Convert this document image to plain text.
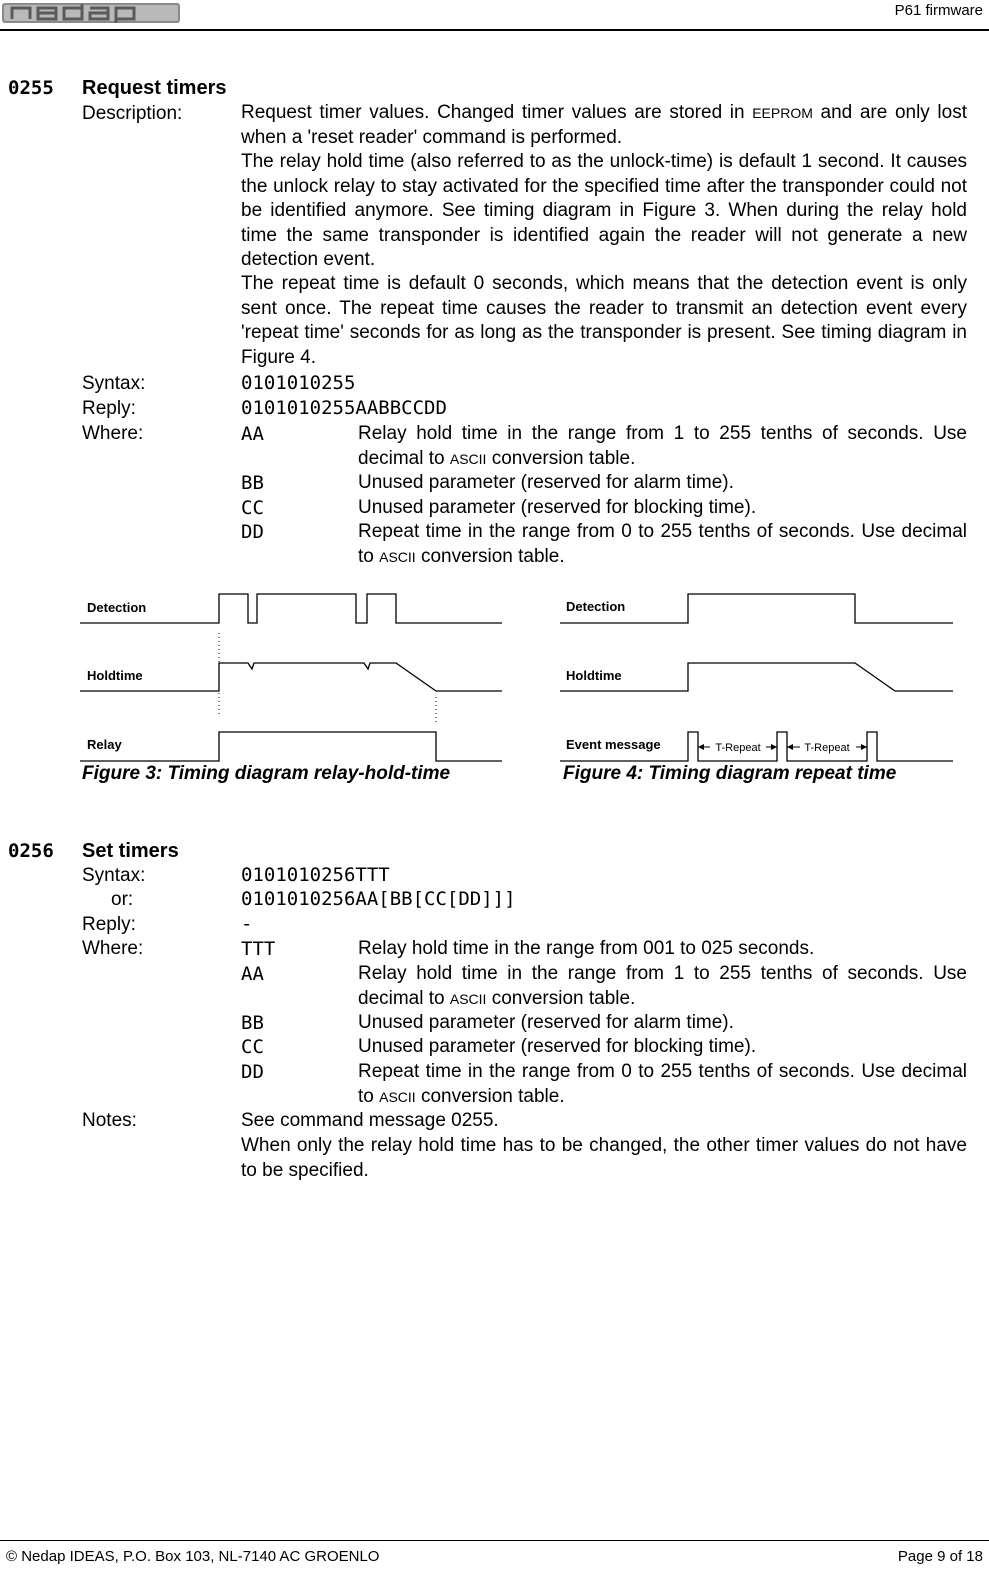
P61 firmware
0255 Request timers
Description:	Request timer values. Changed timer values are stored in EEPROM and are only lost when a 'reset reader' command is performed.
The relay hold time (also referred to as the unlock-time) is default 1 second. It causes the unlock relay to stay activated for the specified time after the transponder could not be identified anymore. See timing diagram in Figure 3. When during the relay hold time the same transponder is identified again the reader will not generate a new detection event.
The repeat time is default 0 seconds, which means that the detection event is only sent once. The repeat time causes the reader to transmit an detection event every 'repeat time' seconds for as long as the transponder is present. See timing diagram in Figure 4.
Syntax:	0101010255
Reply:	0101010255AABBCCDD
Where:	AA	Relay hold time in the range from 1 to 255 tenths of seconds. Use decimal to ASCII conversion table.
BB	Unused parameter (reserved for alarm time).
CC	Unused parameter (reserved for blocking time).
DD	Repeat time in the range from 0 to 255 tenths of seconds. Use decimal to ASCII conversion table.
Detection
Holdtime
Relay
Figure 3: Timing diagram relay-hold-time
Detection
Holdtime
Event message	T-Repeat	T-Repeat
Figure 4: Timing diagram repeat time
0256 Set timers
Syntax:	0101010256TTT
or:	0101010256AA[BB[CC[DD]]]
Reply:	-
Where:	TTT	Relay hold time in the range from 001 to 025 seconds.
AA	Relay hold time in the range from 1 to 255 tenths of seconds. Use decimal to ASCII conversion table.
BB	Unused parameter (reserved for alarm time).
CC	Unused parameter (reserved for blocking time).
DD	Repeat time in the range from 0 to 255 tenths of seconds. Use decimal to ASCII conversion table.
Notes:	See command message 0255.
When only the relay hold time has to be changed, the other timer values do not have to be specified.
© Nedap IDEAS, P.O. Box 103, NL-7140 AC GROENLO	Page 9 of 18
